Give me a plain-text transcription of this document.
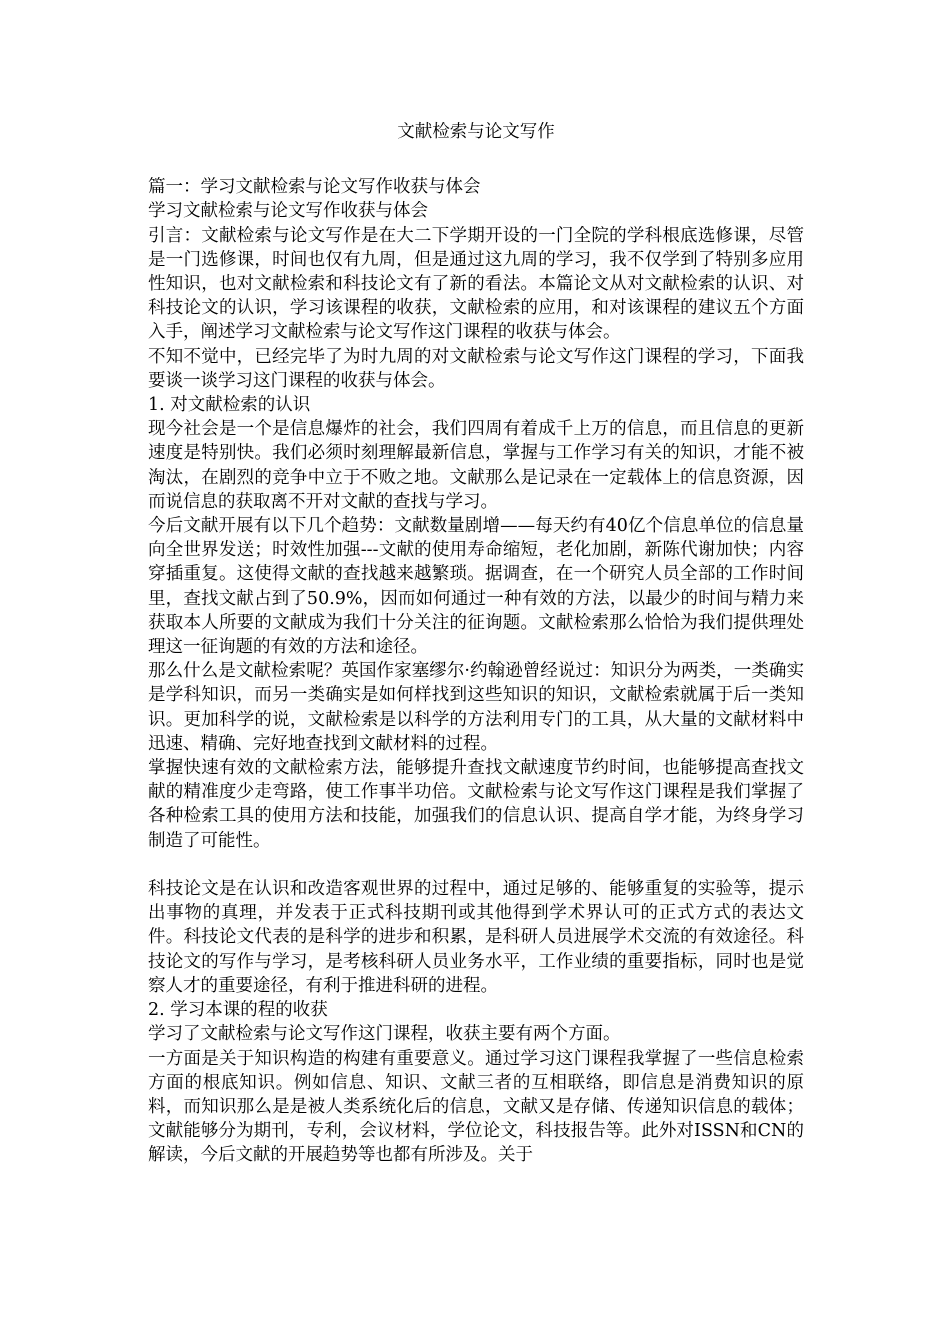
文献检索与论文写作

篇一：学习文献检索与论文写作收获与体会

学习文献检索与论文写作收获与体会

引言：文献检索与论文写作是在大二下学期开设的一门全院的学科根底选修课，尽管是一门选修课，时间也仅有九周，但是通过这九周的学习，我不仅学到了特别多应用性知识，也对文献检索和科技论文有了新的看法。本篇论文从对文献检索的认识、对科技论文的认识，学习该课程的收获，文献检索的应用，和对该课程的建议五个方面入手，阐述学习文献检索与论文写作这门课程的收获与体会。

不知不觉中，已经完毕了为时九周的对文献检索与论文写作这门课程的学习，下面我要谈一谈学习这门课程的收获与体会。

1. 对文献检索的认识

现今社会是一个是信息爆炸的社会，我们四周有着成千上万的信息，而且信息的更新速度是特别快。我们必须时刻理解最新信息，掌握与工作学习有关的知识，才能不被淘汰，在剧烈的竞争中立于不败之地。文献那么是记录在一定载体上的信息资源，因而说信息的获取离不开对文献的查找与学习。

今后文献开展有以下几个趋势：文献数量剧增——每天约有40亿个信息单位的信息量向全世界发送；时效性加强---文献的使用寿命缩短，老化加剧，新陈代谢加快；内容穿插重复。这使得文献的查找越来越繁琐。据调查，在一个研究人员全部的工作时间里，查找文献占到了50.9%，因而如何通过一种有效的方法，以最少的时间与精力来获取本人所要的文献成为我们十分关注的征询题。文献检索那么恰恰为我们提供理处理这一征询题的有效的方法和途径。

那么什么是文献检索呢？英国作家塞缪尔·约翰逊曾经说过：知识分为两类，一类确实是学科知识，而另一类确实是如何样找到这些知识的知识，文献检索就属于后一类知识。更加科学的说，文献检索是以科学的方法利用专门的工具，从大量的文献材料中迅速、精确、完好地查找到文献材料的过程。

掌握快速有效的文献检索方法，能够提升查找文献速度节约时间，也能够提高查找文献的精准度少走弯路，使工作事半功倍。文献检索与论文写作这门课程是我们掌握了各种检索工具的使用方法和技能，加强我们的信息认识、提高自学才能，为终身学习制造了可能性。

科技论文是在认识和改造客观世界的过程中，通过足够的、能够重复的实验等，提示出事物的真理，并发表于正式科技期刊或其他得到学术界认可的正式方式的表达文件。科技论文代表的是科学的进步和积累，是科研人员进展学术交流的有效途径。科技论文的写作与学习，是考核科研人员业务水平，工作业绩的重要指标，同时也是觉察人才的重要途径，有利于推进科研的进程。

2. 学习本课的程的收获

学习了文献检索与论文写作这门课程，收获主要有两个方面。

一方面是关于知识构造的构建有重要意义。通过学习这门课程我掌握了一些信息检索方面的根底知识。例如信息、知识、文献三者的互相联络，即信息是消费知识的原料，而知识那么是是被人类系统化后的信息，文献又是存储、传递知识信息的载体；文献能够分为期刊，专利，会议材料，学位论文，科技报告等。此外对ISSN和CN的解读，今后文献的开展趋势等也都有所涉及。关于
